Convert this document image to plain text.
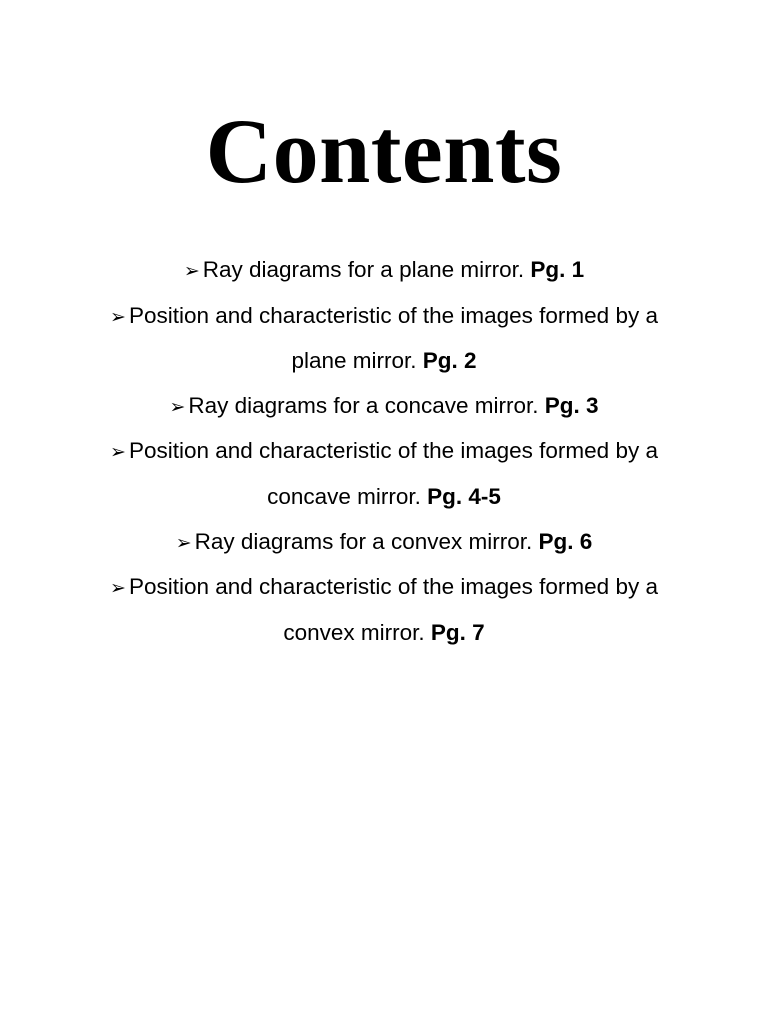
Contents
➢ Ray diagrams for a plane mirror. Pg. 1
➢ Position and characteristic of the images formed by a plane mirror. Pg. 2
➢ Ray diagrams for a concave mirror. Pg. 3
➢ Position and characteristic of the images formed by a concave mirror. Pg. 4-5
➢ Ray diagrams for a convex mirror. Pg. 6
➢ Position and characteristic of the images formed by a convex mirror. Pg. 7
